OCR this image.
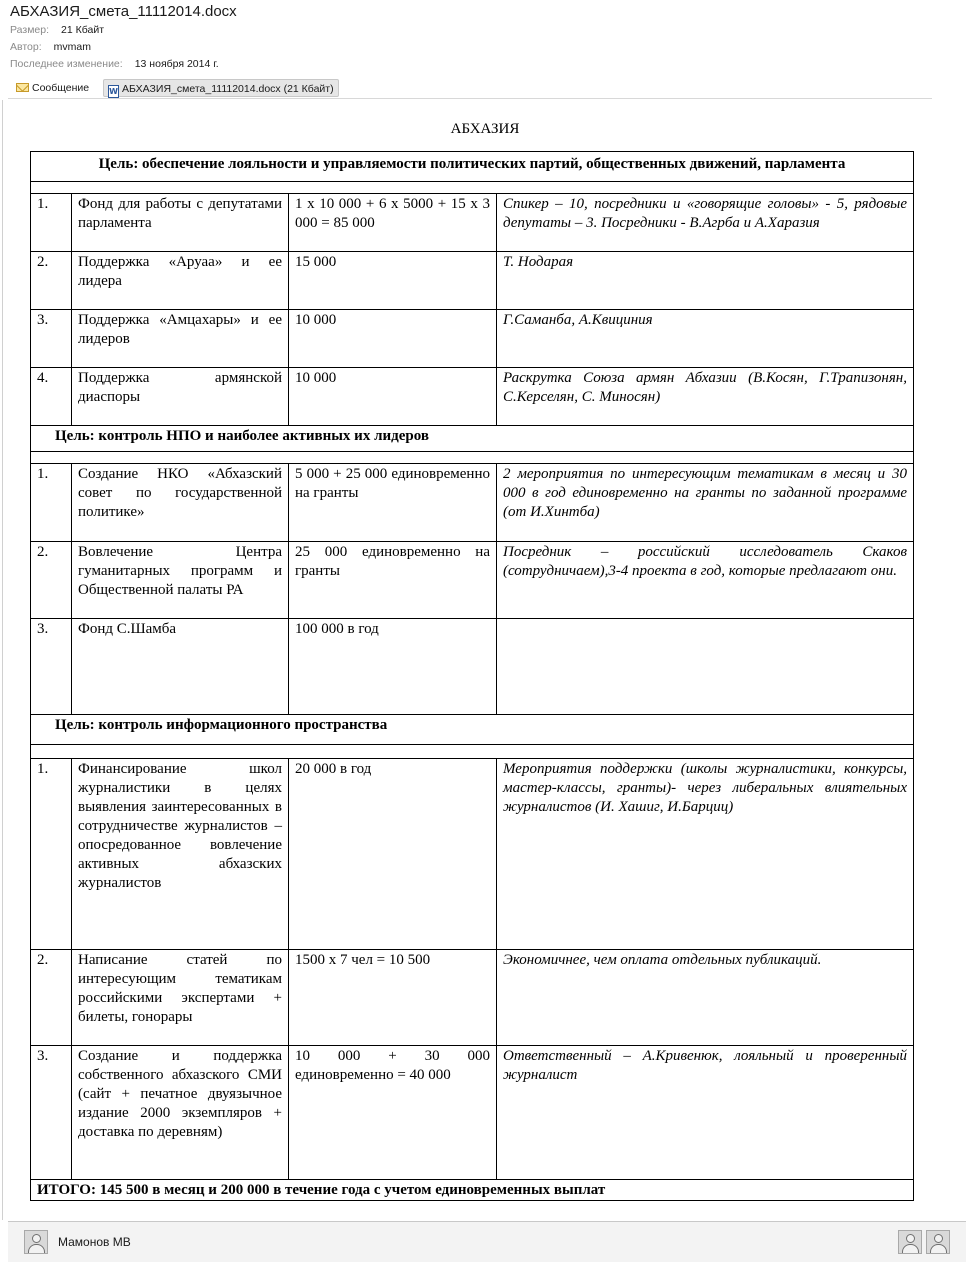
АБХАЗИЯ_смета_11112014.docx
Размер: 21 Кбайт
Автор: mvmam
Последнее изменение: 13 ноября 2014 г.
Сообщение	W АБХАЗИЯ_смета_11112014.docx (21 Кбайт)
АБХАЗИЯ
Цель: обеспечение лояльности и управляемости политических партий, общественных движений, парламента			

1.	Фонд для работы с депутатами парламента	1 х 10 000 + 6 х 5000 + 15 х 3 000 = 85 000	Спикер – 10, посредники и «говорящие головы» - 5, рядовые депутаты – 3. Посредники - В.Агрба и А.Харазия
2.	Поддержка «Аруаа» и ее лидера	15 000	Т. Нодарая
3.	Поддержка «Амцахары» и ее лидеров	10 000	Г.Саманба, А.Квициния
4.	Поддержка армянской диаспоры	10 000	Раскрутка Союза армян Абхазии (В.Косян, Г.Трапизонян, С.Керселян, С. Миносян)
Цель: контроль НПО и наиболее активных их лидеров			

1.	Создание НКО «Абхазский совет по государственной политике»	5 000 + 25 000 единовременно на гранты	2 мероприятия по интересующим тематикам в месяц и 30 000 в год единовременно на гранты по заданной программе (от И.Хинтба)
2.	Вовлечение Центра гуманитарных программ и Общественной палаты РА	25 000 единовременно на гранты	Посредник – российский исследователь Скаков (сотрудничаем),3-4 проекта в год, которые предлагают они.
3.	Фонд С.Шамба	100 000 в год	
Цель: контроль информационного пространства			

1.	Финансирование школ журналистики в целях выявления заинтересованных в сотрудничестве журналистов – опосредованное вовлечение активных абхазских журналистов	20 000 в год	Мероприятия поддержки (школы журналистики, конкурсы, мастер-классы, гранты)- через либеральных влиятельных журналистов (И. Хашиг, И.Барциц)
2.	Написание статей по интересующим тематикам российскими экспертами + билеты, гонорары	1500 х 7 чел = 10 500	Экономичнее, чем оплата отдельных публикаций.
3.	Создание и поддержка собственного абхазского СМИ (сайт + печатное двуязычное издание 2000 экземпляров + доставка по деревням)	10 000 + 30 000 единовременно = 40 000	Ответственный – А.Кривенюк, лояльный и проверенный журналист
ИТОГО: 145 500 в месяц и 200 000 в течение года с учетом единовременных выплат			
Мамонов МВ
